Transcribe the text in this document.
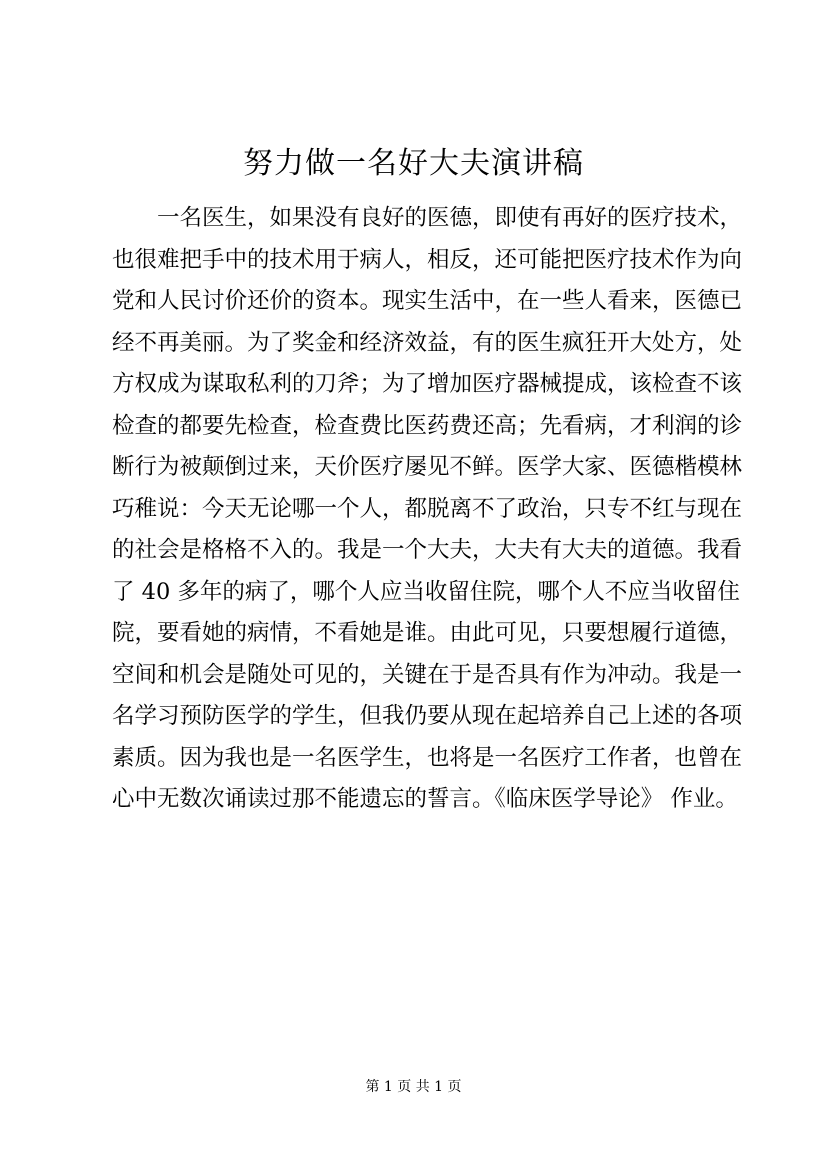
努力做一名好大夫演讲稿
一名医生，如果没有良好的医德，即使有再好的医疗技术，
也很难把手中的技术用于病人，相反，还可能把医疗技术作为向
党和人民讨价还价的资本。现实生活中，在一些人看来，医德已
经不再美丽。为了奖金和经济效益，有的医生疯狂开大处方，处
方权成为谋取私利的刀斧；为了增加医疗器械提成，该检查不该
检查的都要先检查，检查费比医药费还高；先看病，才利润的诊
断行为被颠倒过来，天价医疗屡见不鲜。医学大家、医德楷模林
巧稚说：今天无论哪一个人，都脱离不了政治，只专不红与现在
的社会是格格不入的。我是一个大夫，大夫有大夫的道德。我看
了 40 多年的病了，哪个人应当收留住院，哪个人不应当收留住
院，要看她的病情，不看她是谁。由此可见，只要想履行道德，
空间和机会是随处可见的，关键在于是否具有作为冲动。我是一
名学习预防医学的学生，但我仍要从现在起培养自己上述的各项
素质。因为我也是一名医学生，也将是一名医疗工作者，也曾在
心中无数次诵读过那不能遗忘的誓言。《临床医学导论》 作业。
第 1 页 共 1 页
